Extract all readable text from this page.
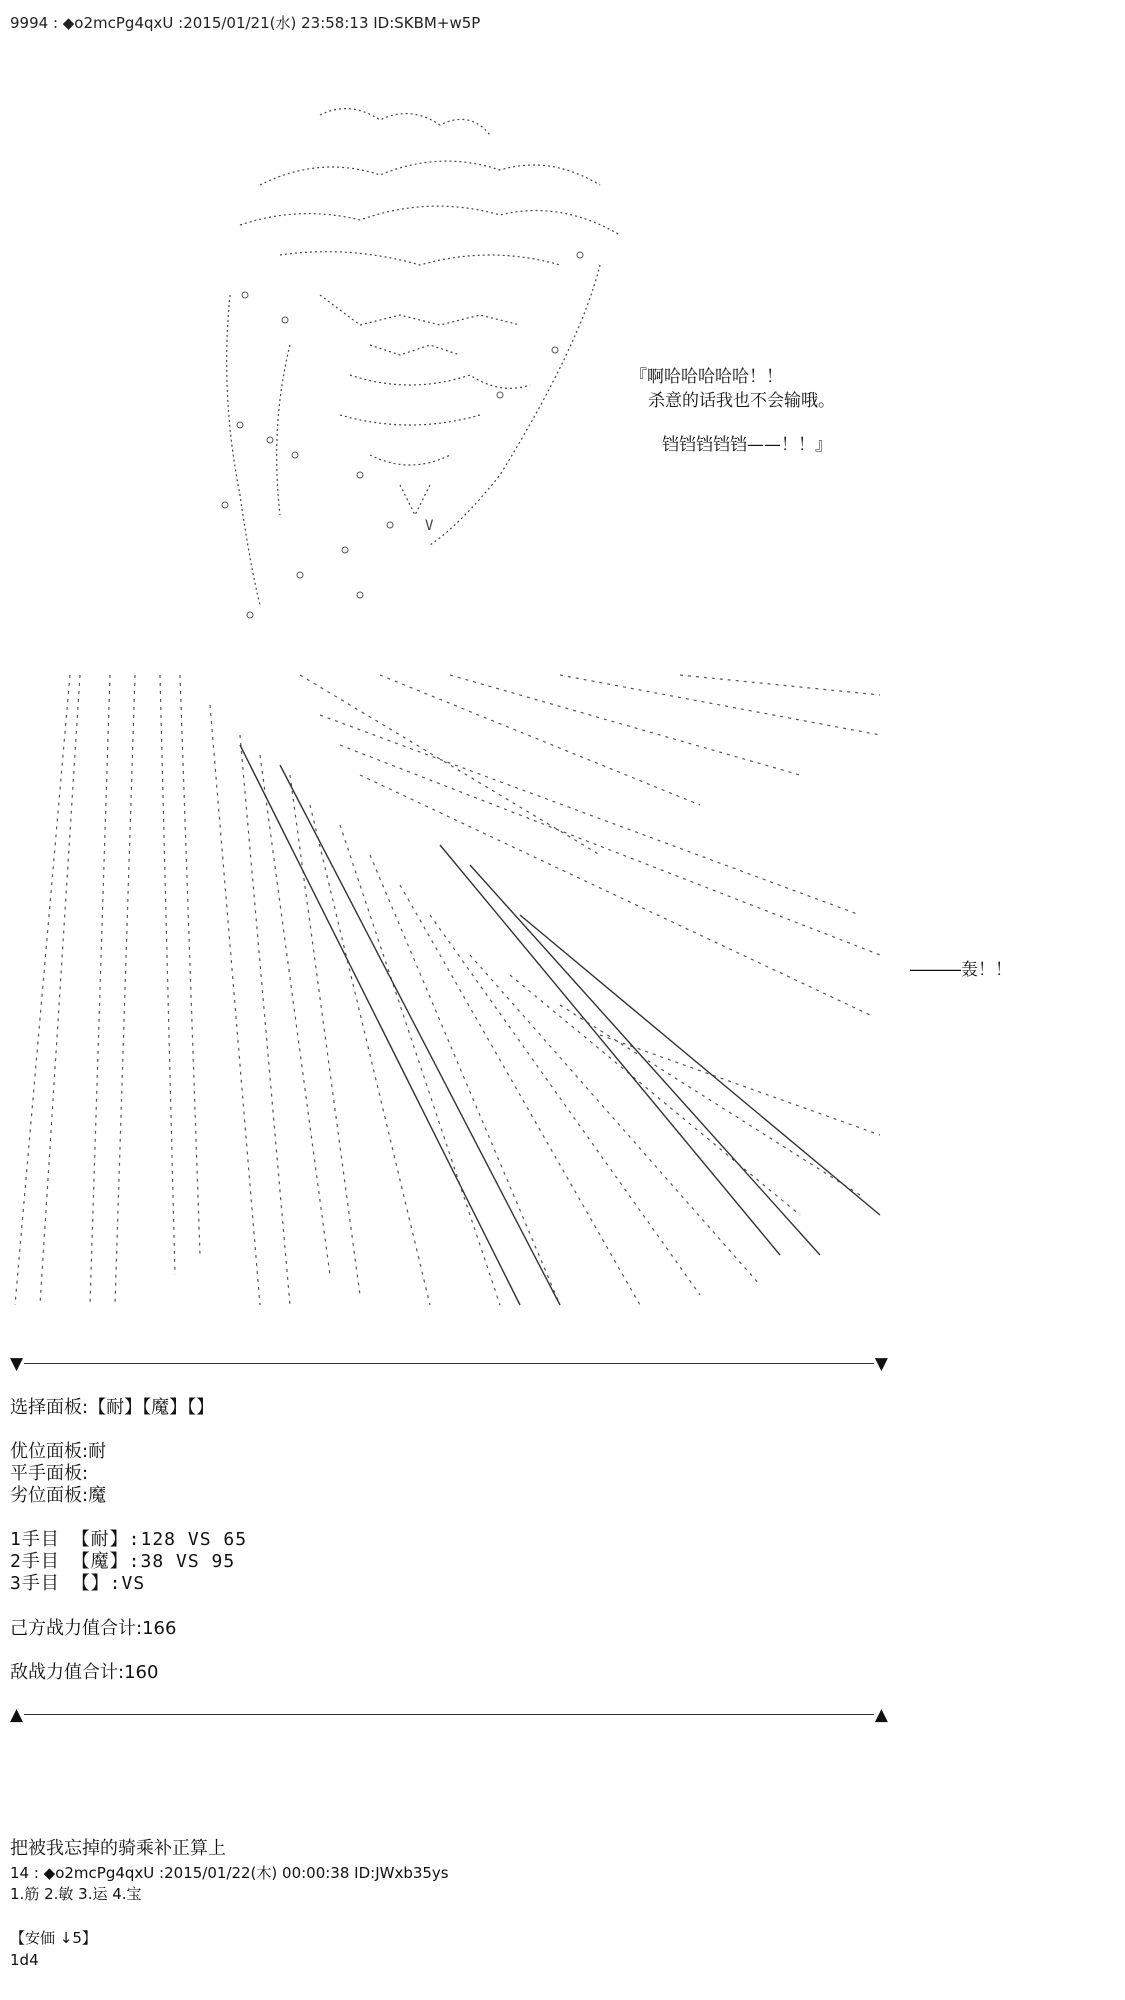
9994 : ◆o2mcPg4qxU :2015/01/21(水) 23:58:13 ID:SKBM+w5P
V
『啊哈哈哈哈哈！！
杀意的话我也不会输哦。
铛铛铛铛铛——！！』
―――轰！！
▼	▼
选择面板:【耐】【魔】【】
优位面板:耐
平手面板:
劣位面板:魔
1手目 【耐】:128 VS 65
2手目 【魔】:38 VS 95
3手目 【】:VS
己方战力值合计:166
敌战力值合计:160
▲	▲
把被我忘掉的骑乘补正算上
14 : ◆o2mcPg4qxU :2015/01/22(木) 00:00:38 ID:JWxb35ys
1.筋 2.敏 3.运 4.宝
【安価 ↓5】
1d4
